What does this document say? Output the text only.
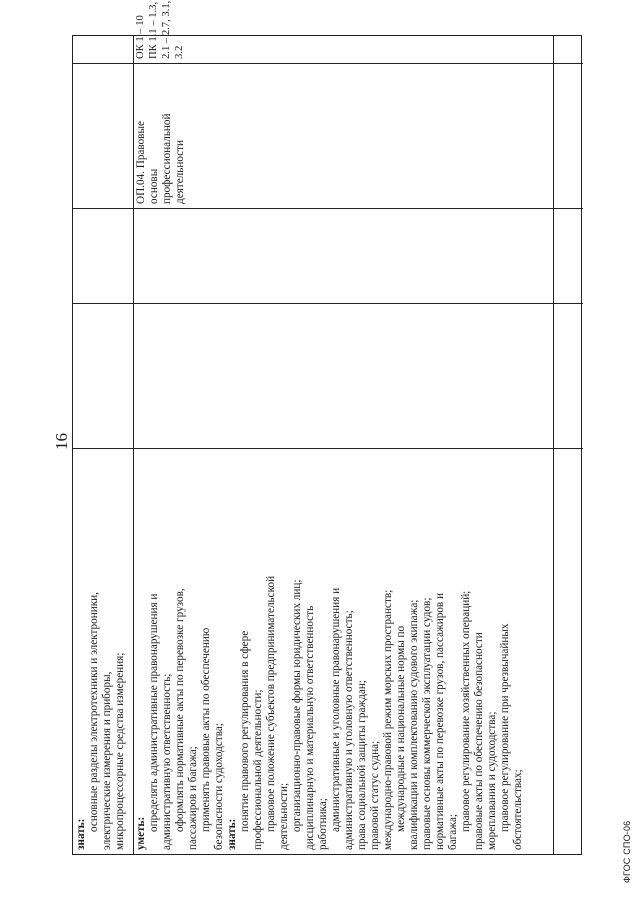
16
знать:
основные разделы электротехники и электроники, электрические измерения и приборы, микропроцессорные средства измерения; уметь:
определять административные правонарушения и административную ответственность; оформлять нормативные акты по перевозке грузов, пассажиров и багажа; применять правовые акты по обеспечению безопасности судоходства; знать:
понятие правового регулирования в сфере профессиональной деятельности; правовое положение субъектов предпринимательской деятельности; организационно-правовые формы юридических лиц; дисциплинарную и материальную ответственность работника; административные и уголовные правонарушения и административную и уголовную ответственность; права социальной защиты граждан; правовой статус судна; международно-правовой режим морских пространств; международные и национальные нормы по квалификации и комплектованию судового экипажа; правовые основы коммерческой эксплуатации судов; нормативные акты по перевозке грузов, пассажиров и багажа; правовое регулирование хозяйственных операций; правовые акты по обеспечению безопасности мореплавания и судоходства; правовое регулирование при чрезвычайных обстоятельствах;
ОП.04. Правовые основы профессиональной деятельности
ОК 1 – 10 ПК 1.1 – 1.3, 2.1 – 2.7, 3.1, 3.2
ФГОС СПО-06
